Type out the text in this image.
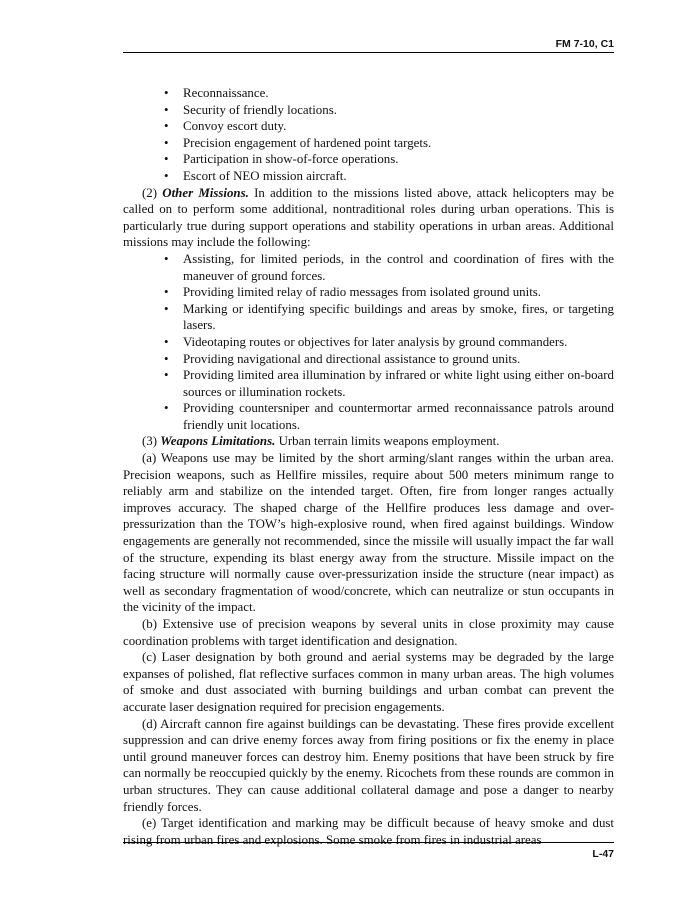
FM 7-10, C1
• Reconnaissance.
• Security of friendly locations.
• Convoy escort duty.
• Precision engagement of hardened point targets.
• Participation in show-of-force operations.
• Escort of NEO mission aircraft.

(2) Other Missions. In addition to the missions listed above, attack helicopters may be called on to perform some additional, nontraditional roles during urban operations. This is particularly true during support operations and stability operations in urban areas. Additional missions may include the following:

• Assisting, for limited periods, in the control and coordination of fires with the maneuver of ground forces.
• Providing limited relay of radio messages from isolated ground units.
• Marking or identifying specific buildings and areas by smoke, fires, or targeting lasers.
• Videotaping routes or objectives for later analysis by ground commanders.
• Providing navigational and directional assistance to ground units.
• Providing limited area illumination by infrared or white light using either on-board sources or illumination rockets.
• Providing countersniper and countermortar armed reconnaissance patrols around friendly unit locations.

(3) Weapons Limitations. Urban terrain limits weapons employment.

(a) Weapons use may be limited by the short arming/slant ranges within the urban area. Precision weapons, such as Hellfire missiles, require about 500 meters minimum range to reliably arm and stabilize on the intended target. Often, fire from longer ranges actually improves accuracy. The shaped charge of the Hellfire produces less damage and over-pressurization than the TOW’s high-explosive round, when fired against buildings. Window engagements are generally not recommended, since the missile will usually impact the far wall of the structure, expending its blast energy away from the structure. Missile impact on the facing structure will normally cause over-pressurization inside the structure (near impact) as well as secondary fragmentation of wood/concrete, which can neutralize or stun occupants in the vicinity of the impact.

(b) Extensive use of precision weapons by several units in close proximity may cause coordination problems with target identification and designation.

(c) Laser designation by both ground and aerial systems may be degraded by the large expanses of polished, flat reflective surfaces common in many urban areas. The high volumes of smoke and dust associated with burning buildings and urban combat can prevent the accurate laser designation required for precision engagements.

(d) Aircraft cannon fire against buildings can be devastating. These fires provide excellent suppression and can drive enemy forces away from firing positions or fix the enemy in place until ground maneuver forces can destroy him. Enemy positions that have been struck by fire can normally be reoccupied quickly by the enemy. Ricochets from these rounds are common in urban structures. They can cause additional collateral damage and pose a danger to nearby friendly forces.

(e) Target identification and marking may be difficult because of heavy smoke and dust rising from urban fires and explosions. Some smoke from fires in industrial areas

L-47
